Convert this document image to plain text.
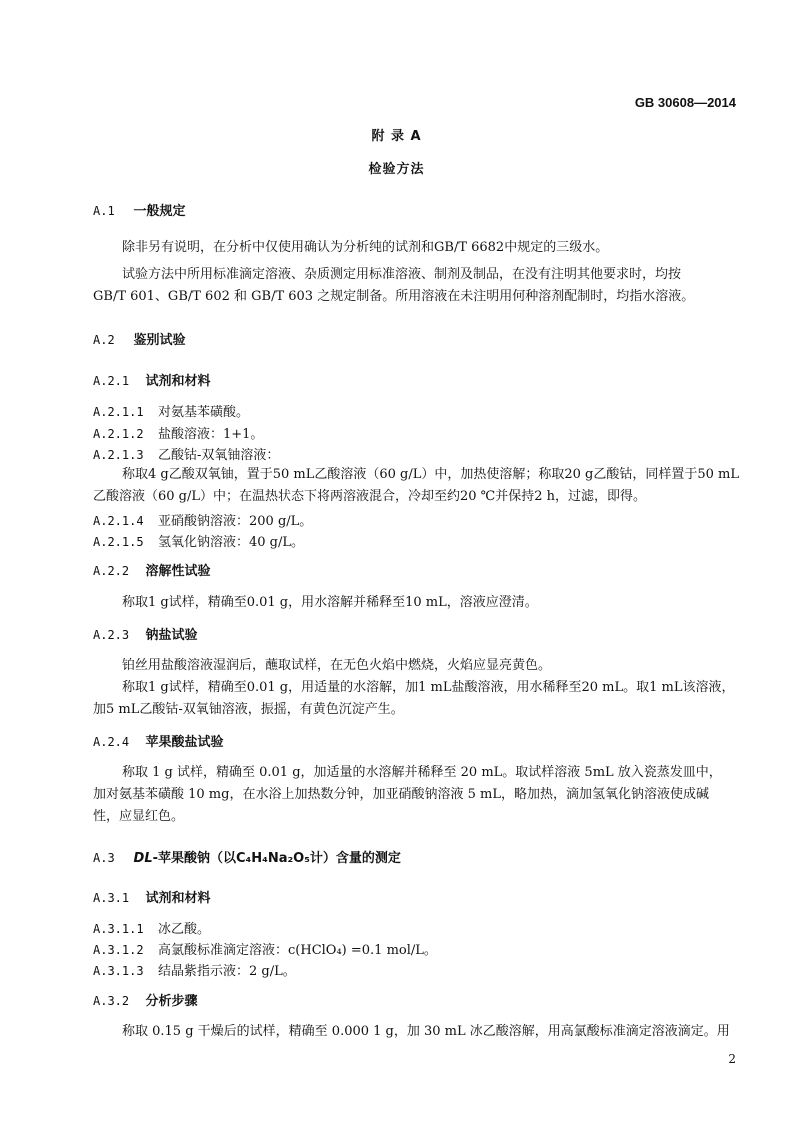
GB 30608—2014
附 录 A
检验方法
A.1 一般规定
除非另有说明，在分析中仅使用确认为分析纯的试剂和GB/T 6682中规定的三级水。
试验方法中所用标准滴定溶液、杂质测定用标准溶液、制剂及制品，在没有注明其他要求时，均按
GB/T 601、GB/T 602 和 GB/T 603 之规定制备。所用溶液在未注明用何种溶剂配制时，均指水溶液。
A.2 鉴别试验
A.2.1 试剂和材料
A.2.1.1 对氨基苯磺酸。
A.2.1.2 盐酸溶液：1+1。
A.2.1.3 乙酸钴-双氧铀溶液：
称取4 g乙酸双氧铀，置于50 mL乙酸溶液（60 g/L）中，加热使溶解；称取20 g乙酸钴，同样置于50 mL
乙酸溶液（60 g/L）中；在温热状态下将两溶液混合，冷却至约20 ℃并保持2 h，过滤，即得。
A.2.1.4 亚硝酸钠溶液：200 g/L。
A.2.1.5 氢氧化钠溶液：40 g/L。
A.2.2 溶解性试验
称取1 g试样，精确至0.01 g，用水溶解并稀释至10 mL，溶液应澄清。
A.2.3 钠盐试验
铂丝用盐酸溶液湿润后，蘸取试样，在无色火焰中燃烧，火焰应显亮黄色。
称取1 g试样，精确至0.01 g，用适量的水溶解，加1 mL盐酸溶液，用水稀释至20 mL。取1 mL该溶液，
加5 mL乙酸钴-双氧铀溶液，振摇，有黄色沉淀产生。
A.2.4 苹果酸盐试验
称取 1 g 试样，精确至 0.01 g，加适量的水溶解并稀释至 20 mL。取试样溶液 5mL 放入瓷蒸发皿中，
加对氨基苯磺酸 10 mg，在水浴上加热数分钟，加亚硝酸钠溶液 5 mL，略加热，滴加氢氧化钠溶液使成碱
性，应显红色。
A.3 DL-苹果酸钠（以C₄H₄Na₂O₅计）含量的测定
A.3.1 试剂和材料
A.3.1.1 冰乙酸。
A.3.1.2 高氯酸标准滴定溶液：c(HClO₄) =0.1 mol/L。
A.3.1.3 结晶紫指示液：2 g/L。
A.3.2 分析步骤
称取 0.15 g 干燥后的试样，精确至 0.000 1 g，加 30 mL 冰乙酸溶解，用高氯酸标准滴定溶液滴定。用
2
